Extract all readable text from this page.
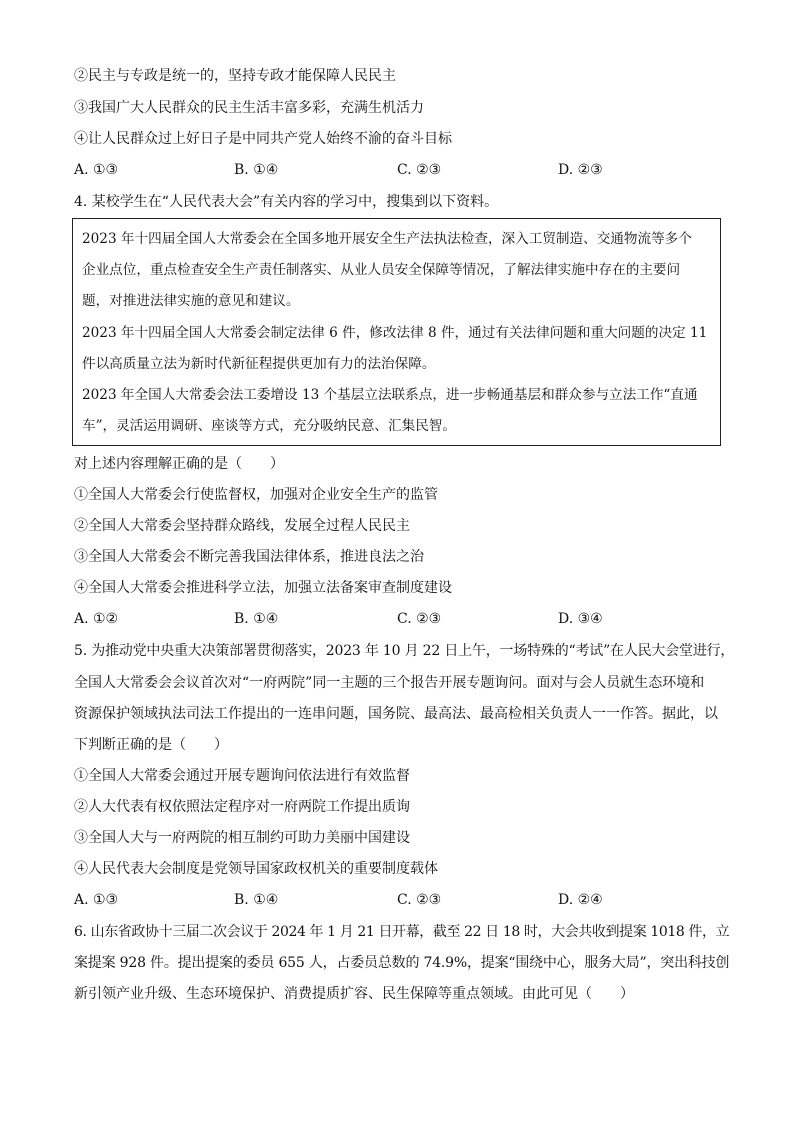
②民主与专政是统一的，坚持专政才能保障人民民主
③我国广大人民群众的民主生活丰富多彩，充满生机活力
④让人民群众过上好日子是中同共产党人始终不渝的奋斗目标
A. ①③	B. ①④	C. ②③	D. ②③
4. 某校学生在“人民代表大会”有关内容的学习中，搜集到以下资料。
2023 年十四届全国人大常委会在全国多地开展安全生产法执法检查，深入工贸制造、交通物流等多个
企业点位，重点检查安全生产责任制落实、从业人员安全保障等情况，了解法律实施中存在的主要问
题，对推进法律实施的意见和建议。
2023 年十四届全国人大常委会制定法律 6 件，修改法律 8 件，通过有关法律问题和重大问题的决定 11
件以高质量立法为新时代新征程提供更加有力的法治保障。
2023 年全国人大常委会法工委增设 13 个基层立法联系点，进一步畅通基层和群众参与立法工作“直通
车”，灵活运用调研、座谈等方式，充分吸纳民意、汇集民智。
对上述内容理解正确的是（　　）
①全国人大常委会行使监督权，加强对企业安全生产的监管
②全国人大常委会坚持群众路线，发展全过程人民民主
③全国人大常委会不断完善我国法律体系，推进良法之治
④全国人大常委会推进科学立法，加强立法备案审查制度建设
A. ①②	B. ①④	C. ②③	D. ③④
5. 为推动党中央重大决策部署贯彻落实，2023 年 10 月 22 日上午，一场特殊的“考试”在人民大会堂进行，
全国人大常委会会议首次对“一府两院”同一主题的三个报告开展专题询问。面对与会人员就生态环境和
资源保护领域执法司法工作提出的一连串问题，国务院、最高法、最高检相关负责人一一作答。据此，以
下判断正确的是（　　）
①全国人大常委会通过开展专题询问依法进行有效监督
②人大代表有权依照法定程序对一府两院工作提出质询
③全国人大与一府两院的相互制约可助力美丽中国建设
④人民代表大会制度是党领导国家政权机关的重要制度载体
A. ①③	B. ①④	C. ②③	D. ②④
6. 山东省政协十三届二次会议于 2024 年 1 月 21 日开幕，截至 22 日 18 时，大会共收到提案 1018 件，立
案提案 928 件。提出提案的委员 655 人，占委员总数的 74.9%，提案“围绕中心，服务大局”，突出科技创
新引领产业升级、生态环境保护、消费提质扩容、民生保障等重点领域。由此可见（　　）
